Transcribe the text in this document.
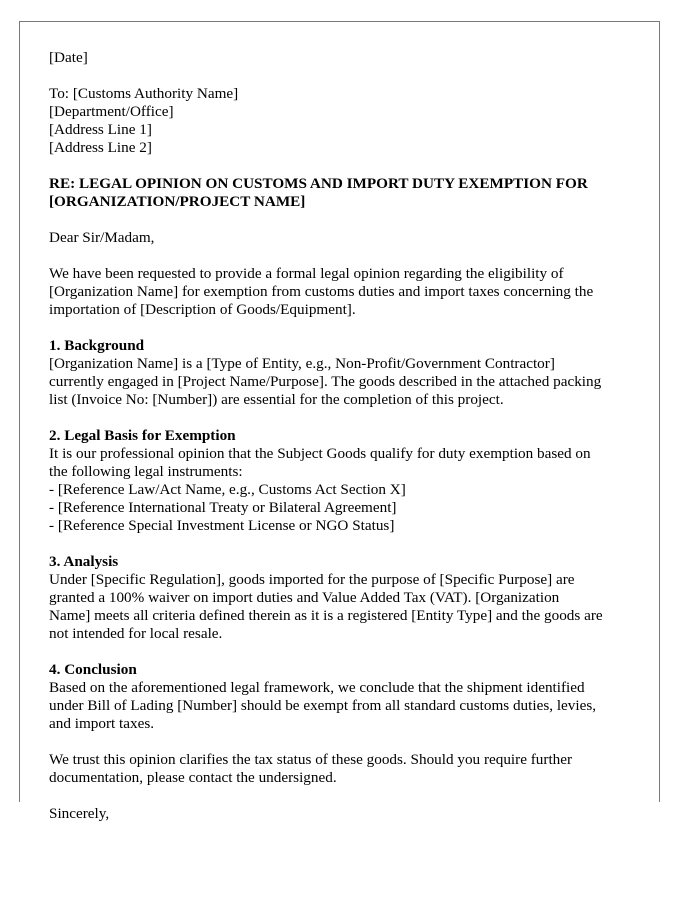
[Date]
To: [Customs Authority Name]
[Department/Office]
[Address Line 1]
[Address Line 2]
RE: LEGAL OPINION ON CUSTOMS AND IMPORT DUTY EXEMPTION FOR
[ORGANIZATION/PROJECT NAME]
Dear Sir/Madam,
We have been requested to provide a formal legal opinion regarding the eligibility of
[Organization Name] for exemption from customs duties and import taxes concerning the
importation of [Description of Goods/Equipment].
1. Background
[Organization Name] is a [Type of Entity, e.g., Non-Profit/Government Contractor]
currently engaged in [Project Name/Purpose]. The goods described in the attached packing
list (Invoice No: [Number]) are essential for the completion of this project.
2. Legal Basis for Exemption
It is our professional opinion that the Subject Goods qualify for duty exemption based on
the following legal instruments:
- [Reference Law/Act Name, e.g., Customs Act Section X]
- [Reference International Treaty or Bilateral Agreement]
- [Reference Special Investment License or NGO Status]
3. Analysis
Under [Specific Regulation], goods imported for the purpose of [Specific Purpose] are
granted a 100% waiver on import duties and Value Added Tax (VAT). [Organization
Name] meets all criteria defined therein as it is a registered [Entity Type] and the goods are
not intended for local resale.
4. Conclusion
Based on the aforementioned legal framework, we conclude that the shipment identified
under Bill of Lading [Number] should be exempt from all standard customs duties, levies,
and import taxes.
We trust this opinion clarifies the tax status of these goods. Should you require further
documentation, please contact the undersigned.
Sincerely,
